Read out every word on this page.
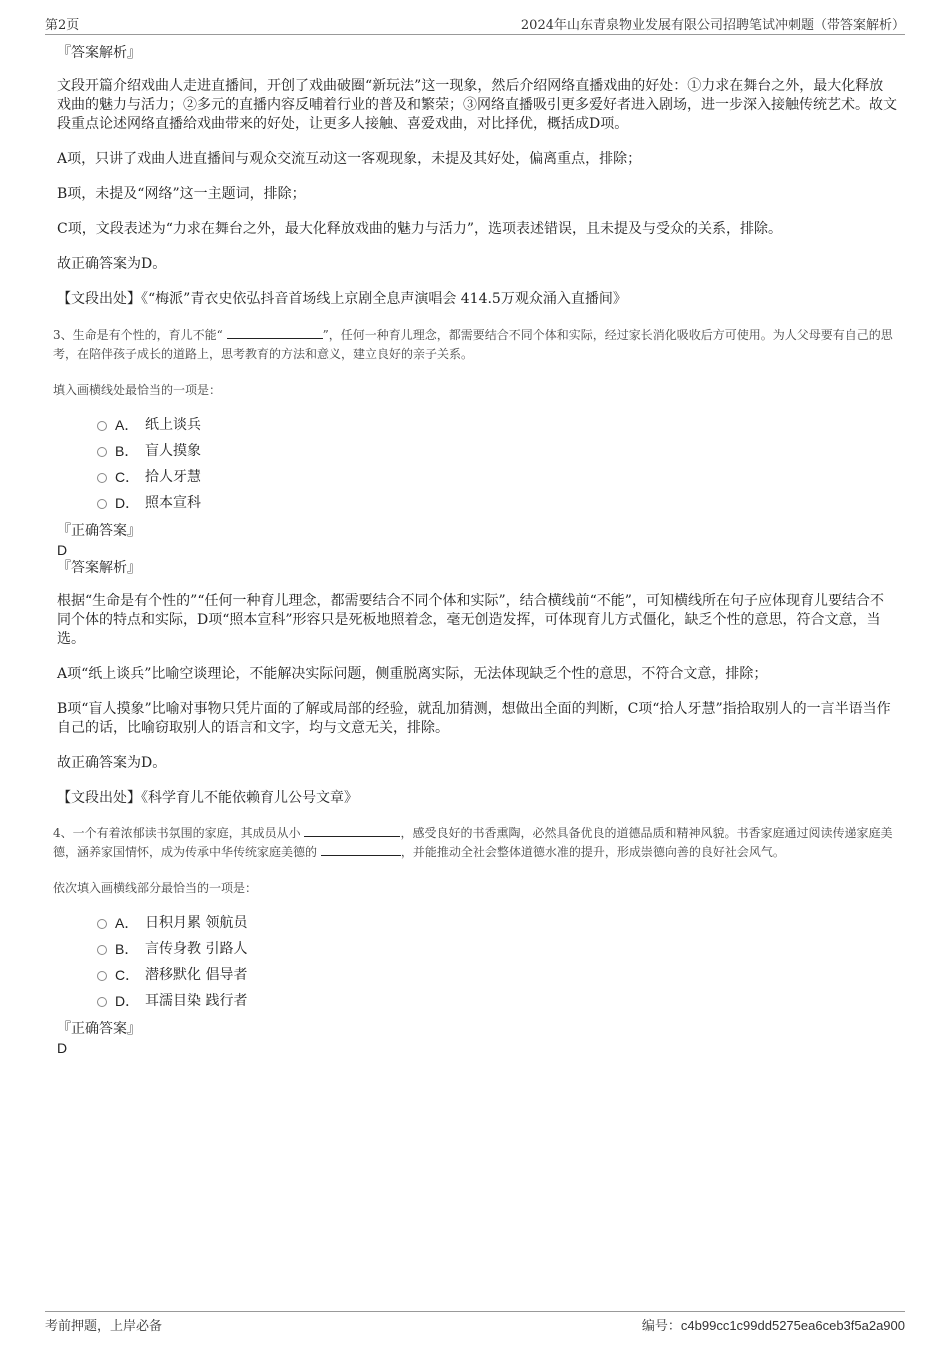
第2页	2024年山东青泉物业发展有限公司招聘笔试冲刺题（带答案解析）

『答案解析』

文段开篇介绍戏曲人走进直播间，开创了戏曲破圈“新玩法”这一现象，然后介绍网络直播戏曲的好处：①力求在舞台之外，最大化释放戏曲的魅力与活力；②多元的直播内容反哺着行业的普及和繁荣；③网络直播吸引更多爱好者进入剧场，进一步深入接触传统艺术。故文段重点论述网络直播给戏曲带来的好处，让更多人接触、喜爱戏曲，对比择优，概括成D项。

A项，只讲了戏曲人进直播间与观众交流互动这一客观现象，未提及其好处，偏离重点，排除；

B项，未提及“网络”这一主题词，排除；

C项，文段表述为“力求在舞台之外，最大化释放戏曲的魅力与活力”，选项表述错误，且未提及与受众的关系，排除。

故正确答案为D。

【文段出处】《“梅派”青衣史依弘抖音首场线上京剧全息声演唱会 414.5万观众涌入直播间》

3、生命是有个性的，育儿不能“	”，任何一种育儿理念，都需要结合不同个体和实际，经过家长消化吸收后方可使用。为人父母要有自己的思考，在陪伴孩子成长的道路上，思考教育的方法和意义，建立良好的亲子关系。

填入画横线处最恰当的一项是：

A． 纸上谈兵
B． 盲人摸象
C． 拾人牙慧
D． 照本宣科

『正确答案』

D

『答案解析』

根据“生命是有个性的”“任何一种育儿理念，都需要结合不同个体和实际”，结合横线前“不能”，可知横线所在句子应体现育儿要结合不同个体的特点和实际，D项“照本宣科”形容只是死板地照着念，毫无创造发挥，可体现育儿方式僵化，缺乏个性的意思，符合文意，当选。

A项“纸上谈兵”比喻空谈理论，不能解决实际问题，侧重脱离实际，无法体现缺乏个性的意思，不符合文意，排除；

B项“盲人摸象”比喻对事物只凭片面的了解或局部的经验，就乱加猜测，想做出全面的判断，C项“拾人牙慧”指拾取别人的一言半语当作自己的话，比喻窃取别人的语言和文字，均与文意无关，排除。

故正确答案为D。

【文段出处】《科学育儿不能依赖育儿公号文章》

4、一个有着浓郁读书氛围的家庭，其成员从小	，感受良好的书香熏陶，必然具备优良的道德品质和精神风貌。书香家庭通过阅读传递家庭美德，涵养家国情怀，成为传承中华传统家庭美德的	，并能推动全社会整体道德水准的提升，形成崇德向善的良好社会风气。

依次填入画横线部分最恰当的一项是：

A． 日积月累 领航员
B． 言传身教 引路人
C． 潜移默化 倡导者
D． 耳濡目染 践行者

『正确答案』

D

考前押题，上岸必备	编号：c4b99cc1c99dd5275ea6ceb3f5a2a900
